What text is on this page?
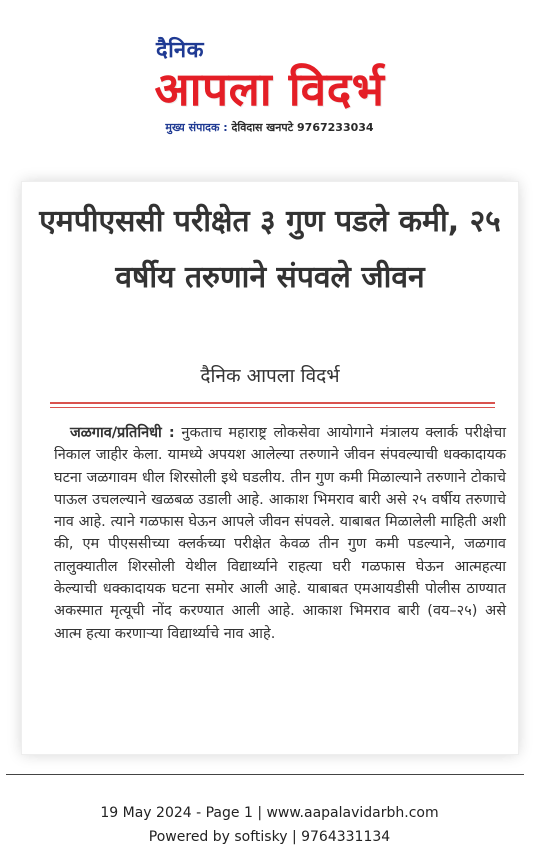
दैनिक
आपला विदर्भ
मुख्य संपादक : देविदास खनपटे 9767233034
एमपीएससी परीक्षेत ३ गुण पडले कमी, २५ वर्षीय तरुणाने संपवले जीवन
दैनिक आपला विदर्भ

जळगाव/प्रतिनिधी : नुकताच महाराष्ट्र लोकसेवा आयोगाने मंत्रालय क्लार्क परीक्षेचा निकाल जाहीर केला. यामध्ये अपयश आलेल्या तरुणाने जीवन संपवल्याची धक्कादायक घटना जळगावम धील शिरसोली इथे घडलीय. तीन गुण कमी मिळाल्याने तरुणाने टोकाचे पाऊल उचलल्याने खळबळ उडाली आहे. आकाश भिमराव बारी असे २५ वर्षीय तरुणाचे नाव आहे. त्याने गळफास घेऊन आपले जीवन संपवले. याबाबत मिळालेली माहिती अशी की, एम पीएससीच्या क्लर्कच्या परीक्षेत केवळ तीन गुण कमी पडल्याने, जळगाव तालुक्यातील शिरसोली येथील विद्यार्थ्याने राहत्या घरी गळफास घेऊन आत्महत्या केल्याची धक्कादायक घटना समोर आली आहे. याबाबत एमआयडीसी पोलीस ठाण्यात अकस्मात मृत्यूची नोंद करण्यात आली आहे. आकाश भिमराव बारी (वय–२५) असे आत्म हत्या करणाऱ्या विद्यार्थ्याचे नाव आहे.

19 May 2024 - Page 1 | www.aapalavidarbh.com
Powered by softisky | 9764331134
